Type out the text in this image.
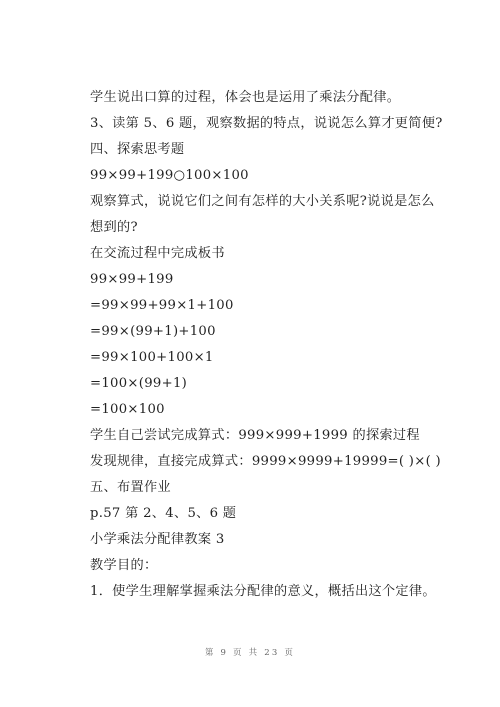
学生说出口算的过程，体会也是运用了乘法分配律。
3、读第 5、6 题，观察数据的特点，说说怎么算才更简便?
四、探索思考题
99×99+199○100×100
观察算式，说说它们之间有怎样的大小关系呢?说说是怎么
想到的?
在交流过程中完成板书
99×99+199
=99×99+99×1+100
=99×(99+1)+100
=99×100+100×1
=100×(99+1)
=100×100
学生自己尝试完成算式：999×999+1999 的探索过程
发现规律，直接完成算式：9999×9999+19999=( )×( )
五、布置作业
p.57 第 2、4、5、6 题
小学乘法分配律教案 3
教学目的：
1．使学生理解掌握乘法分配律的意义，概括出这个定律。
第 9 页 共 23 页
